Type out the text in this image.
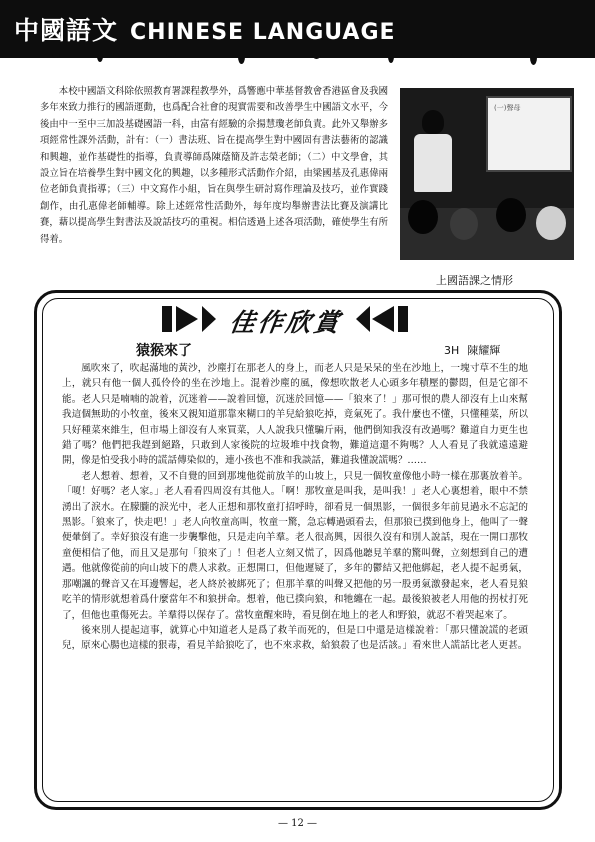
中國語文 CHINESE LANGUAGE
本校中國語文科除依照教育署課程教學外，爲響應中華基督教會香港區會及我國多年來致力推行的國語運動，也爲配合社會的現實需要和改善學生中國語文水平，今後由中一至中三加設基礎國語一科，由富有經驗的佘揚慧瓊老師負責。此外又舉辦多項經常性課外活動，計有：（一）書法班、旨在提高學生對中國固有書法藝術的認識和興趣，並作基礎性的指導，負責導師爲陳蔭簡及許志榮老師；（二）中文學會，其設立旨在培養學生對中國文化的興趣，以多種形式活動作介紹，由梁國基及孔惠偉兩位老師負責指導；（三）中文寫作小組，旨在與學生研討寫作理論及技巧，並作實踐創作，由孔惠偉老師輔導。除上述經常性活動外，每年度均舉辦書法比賽及演講比賽，藉以提高學生對書法及說話技巧的重視。相信透過上述各項活動，確使學生有所得着。
(一)聲母
上國語課之情形
佳作欣賞
猿猴來了	3H 陳耀輝

風吹來了，吹起滿地的黃沙，沙塵打在那老人的身上，而老人只是呆呆的坐在沙地上，一塊寸草不生的地上，就只有他一個人孤伶伶的坐在沙地上。混着沙塵的風，像想吹散老人心頭多年積壓的鬱悶，但是它卻不能。老人只是喃喃的說着，沉迷着——說着回憶，沉迷於回憶——「狼來了！」那可恨的農人卻沒有上山來幫我這個無助的小牧童，後來又親知道那靠來糊口的羊兒給狼吃掉，竟氣死了。我什麼也不懂，只懂種菜，所以只好種菜來維生，但市場上卻沒有人來買菜，人人說我只懂騙斤兩，他們倒知我沒有改過嗎？難道自力更生也錯了嗎？他們把我趕到絕路，只敢到人家後院的垃圾堆中找食物，難道這還不夠嗎？人人看見了我就遠遠避開，像是怕受我小時的謊話傳染似的，連小孩也不准和我談話，難道我懂說謊嗎？……

老人想着、想着，又不自覺的回到那塊他從前放羊的山坡上，只見一個牧童像他小時一樣在那裏放着羊。「嗄！好嗎？老人家。」老人看看四周沒有其他人。「啊！那牧童是叫我，是叫我！」老人心裏想着，眼中不禁湧出了淚水。在朦朧的淚光中，老人正想和那牧童打招呼時，卻看見一個黑影，一個很多年前見過永不忘記的黑影。「狼來了，快走吧！」老人向牧童高叫，牧童一驚，急忘轉過頭看去，但那狼已撲到他身上，他叫了一聲便暈倒了。幸好狼沒有進一步襲擊他，只是走向羊羣。老人很高興，因很久沒有和別人說話，現在一開口那牧童便相信了他，而且又是那句「狼來了」！但老人立刻又慌了，因爲他聽見羊羣的驚叫聲，立刻想到自己的遭遇。他就像從前的向山坡下的農人求救。正想開口，但他遲疑了，多年的鬱結又把他綁起，老人提不起勇氣，那嘲諷的聲音又在耳邊響起，老人終於被綁死了；但那羊羣的叫聲又把他的另一股勇氣激發起來，老人看見狼吃羊的情形就想着爲什麼當年不和狼拼命。想着，他已撲向狼，和牠纏在一起。最後狼被老人用他的拐杖打死了，但他也重傷死去。羊羣得以保存了。當牧童醒來時，看見倒在地上的老人和野狼，就忍不着哭起來了。

後來別人提起這事，就算心中知道老人是爲了救羊而死的，但是口中還是這樣說着：「那只懂說謊的老頭兒，原來心腸也這樣的狠毒，看見羊給狼吃了，也不來求救，給狼殺了也是活該。」看來世人謊話比老人更甚。

— 12 —
